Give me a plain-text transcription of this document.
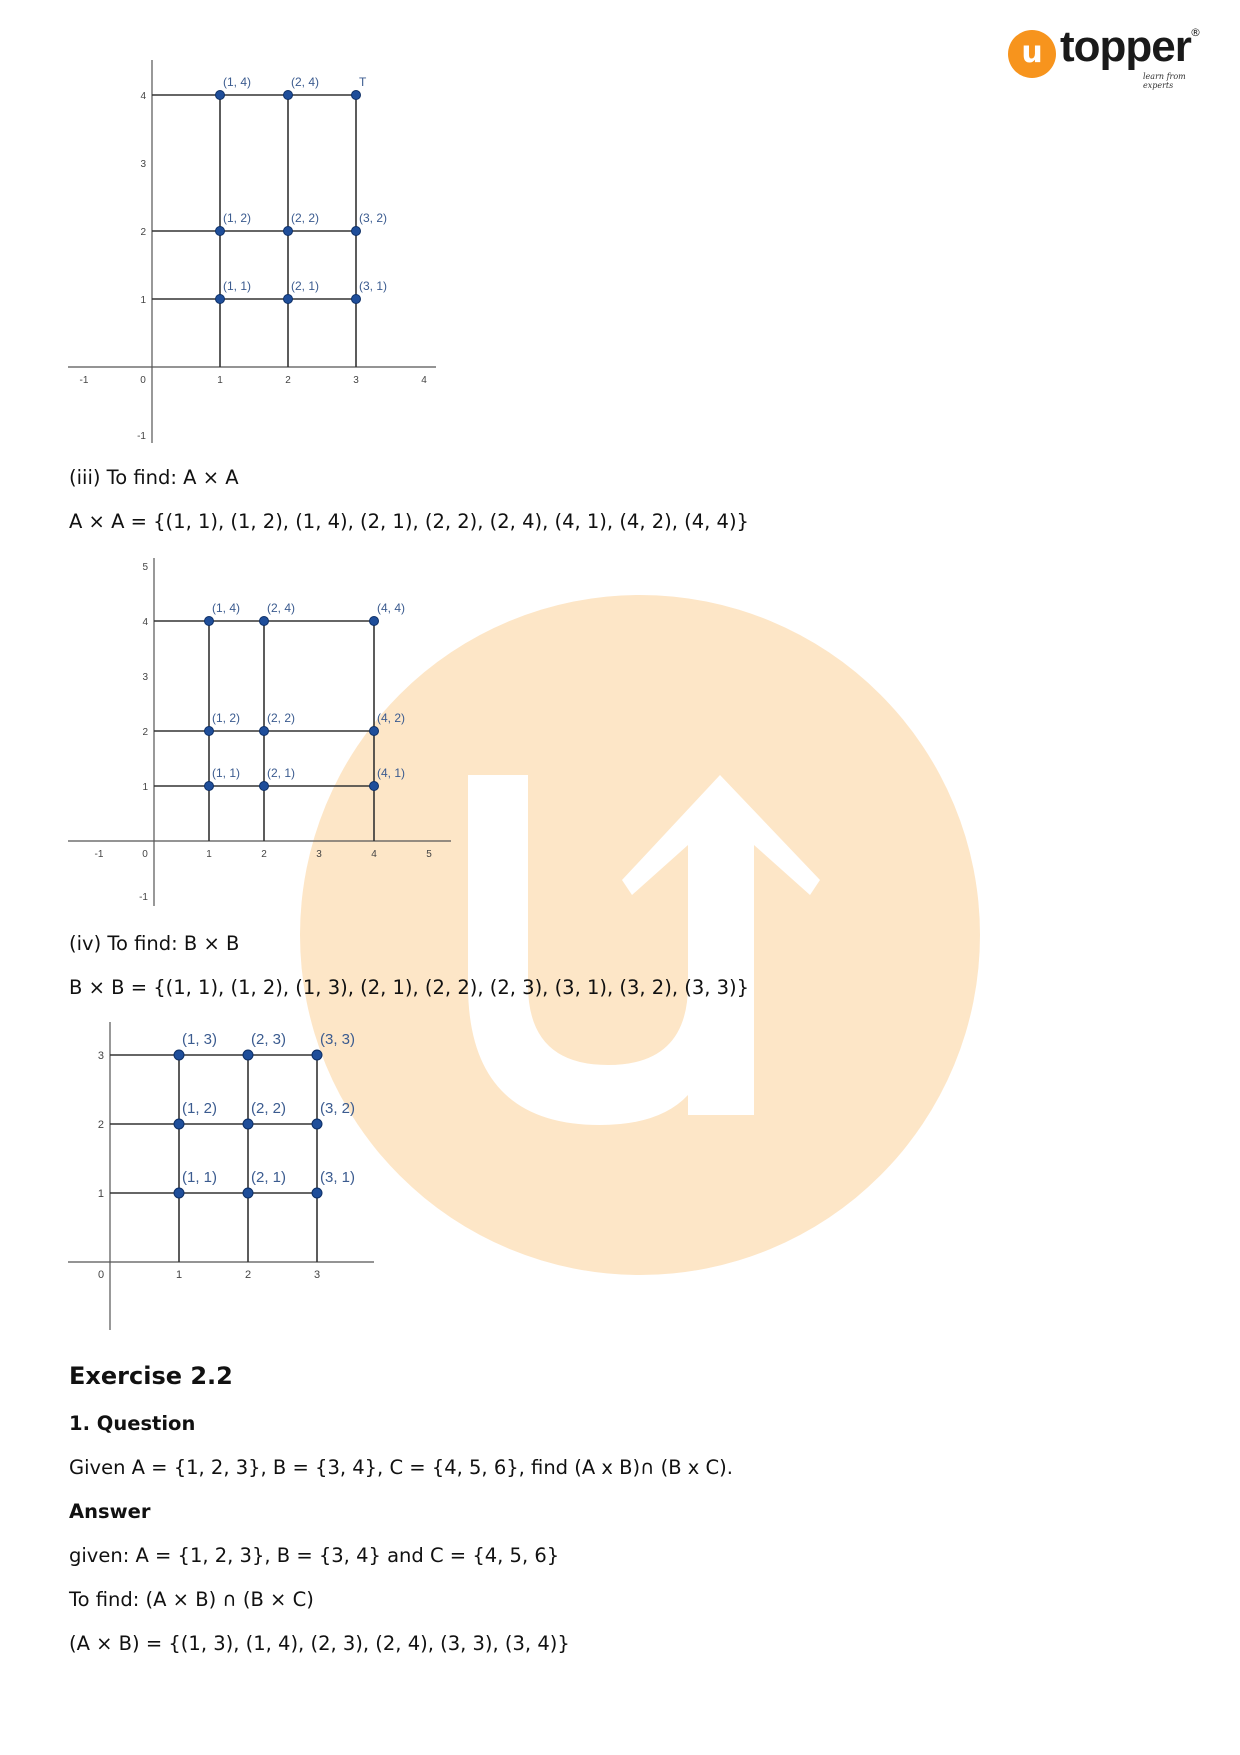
u topper ®
learn from experts
-1	0	1	2	3	4
-1
1
2
3
4
(1, 1)	(2, 1)	(3, 1)
(1, 2)	(2, 2)	(3, 2)
(1, 4)	(2, 4)	T
(iii) To find: A × A
A × A = {(1, 1), (1, 2), (1, 4), (2, 1), (2, 2), (2, 4), (4, 1), (4, 2), (4, 4)}
-1	0	1	2	3	4	5
-1
1
2
3
4
5
(1, 1) (2, 1)	(4, 1)
(1, 2) (2, 2)	(4, 2)
(1, 4) (2, 4)	(4, 4)
(iv) To find: B × B
B × B = {(1, 1), (1, 2), (1, 3), (2, 1), (2, 2), (2, 3), (3, 1), (3, 2), (3, 3)}
0	1	2	3
1
2
3
(1, 1) (2, 1) (3, 1)
(1, 2) (2, 2) (3, 2)
(1, 3) (2, 3) (3, 3)
Exercise 2.2
1. Question
Given A = {1, 2, 3}, B = {3, 4}, C = {4, 5, 6}, find (A x B)∩ (B x C).
Answer
given: A = {1, 2, 3}, B = {3, 4} and C = {4, 5, 6}
To find: (A × B) ∩ (B × C)
(A × B) = {(1, 3), (1, 4), (2, 3), (2, 4), (3, 3), (3, 4)}
